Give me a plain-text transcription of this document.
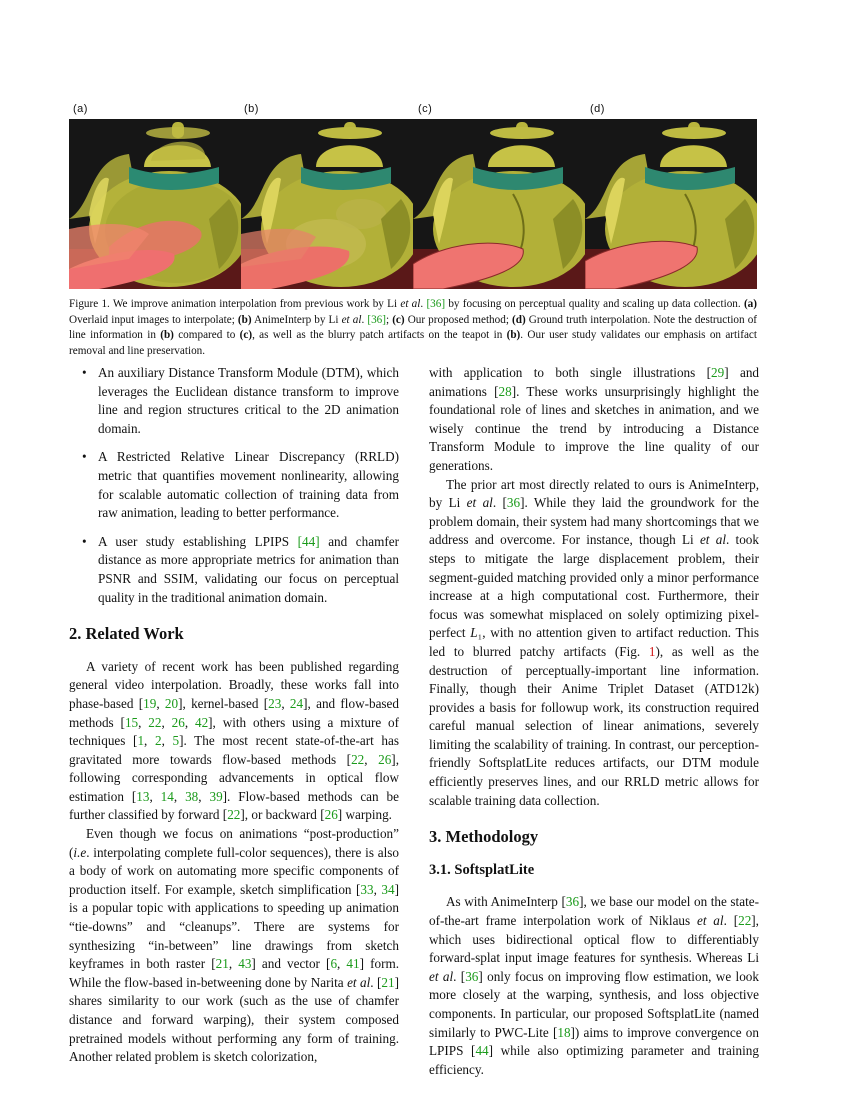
(a)	(b)	(c)	(d)
Figure 1. We improve animation interpolation from previous work by Li et al. [36] by focusing on perceptual quality and scaling up data collection. (a) Overlaid input images to interpolate; (b) AnimeInterp by Li et al. [36]; (c) Our proposed method; (d) Ground truth interpolation. Note the destruction of line information in (b) compared to (c), as well as the blurry patch artifacts on the teapot in (b). Our user study validates our emphasis on artifact removal and line preservation.
• An auxiliary Distance Transform Module (DTM), which leverages the Euclidean distance transform to improve line and region structures critical to the 2D animation domain.
• A Restricted Relative Linear Discrepancy (RRLD) metric that quantifies movement nonlinearity, allowing for scalable automatic collection of training data from raw animation, leading to better performance.
• A user study establishing LPIPS [44] and chamfer distance as more appropriate metrics for animation than PSNR and SSIM, validating our focus on perceptual quality in the traditional animation domain.
2. Related Work

A variety of recent work has been published regarding general video interpolation. Broadly, these works fall into phase-based [19, 20], kernel-based [23, 24], and flow-based methods [15, 22, 26, 42], with others using a mixture of techniques [1, 2, 5]. The most recent state-of-the-art has gravitated more towards flow-based methods [22, 26], following corresponding advancements in optical flow estimation [13, 14, 38, 39]. Flow-based methods can be further classified by forward [22], or backward [26] warping.

Even though we focus on animations “post-production” (i.e. interpolating complete full-color sequences), there is also a body of work on automating more specific components of production itself. For example, sketch simplification [33, 34] is a popular topic with applications to speeding up animation “tie-downs” and “cleanups”. There are systems for synthesizing “in-between” line drawings from sketch keyframes in both raster [21, 43] and vector [6, 41] form. While the flow-based in-betweening done by Narita et al. [21] shares similarity to our work (such as the use of chamfer distance and forward warping), their system composed pretrained models without performing any form of training. Another related problem is sketch colorization,

with application to both single illustrations [29] and animations [28]. These works unsurprisingly highlight the foundational role of lines and sketches in animation, and we wisely continue the trend by introducing a Distance Transform Module to improve the line quality of our generations.

The prior art most directly related to ours is AnimeInterp, by Li et al. [36]. While they laid the groundwork for the problem domain, their system had many shortcomings that we address and overcome. For instance, though Li et al. took steps to mitigate the large displacement problem, their segment-guided matching provided only a minor performance increase at a high computational cost. Furthermore, their focus was somewhat misplaced on solely optimizing pixel-perfect L₁, with no attention given to artifact reduction. This led to blurred patchy artifacts (Fig. 1), as well as the destruction of perceptually-important line information. Finally, though their Anime Triplet Dataset (ATD12k) provides a basis for followup work, its construction required careful manual selection of linear animations, severely limiting the scalability of training. In contrast, our perception-friendly SoftsplatLite reduces artifacts, our DTM module efficiently preserves lines, and our RRLD metric allows for scalable training data collection.

3. Methodology
3.1. SoftsplatLite

As with AnimeInterp [36], we base our model on the state-of-the-art frame interpolation work of Niklaus et al. [22], which uses bidirectional optical flow to differentiably forward-splat input image features for synthesis. Whereas Li et al. [36] only focus on improving flow estimation, we look more closely at the warping, synthesis, and loss objective components. In particular, our proposed SoftsplatLite (named similarly to PWC-Lite [18]) aims to improve convergence on LPIPS [44] while also optimizing parameter and training efficiency.
